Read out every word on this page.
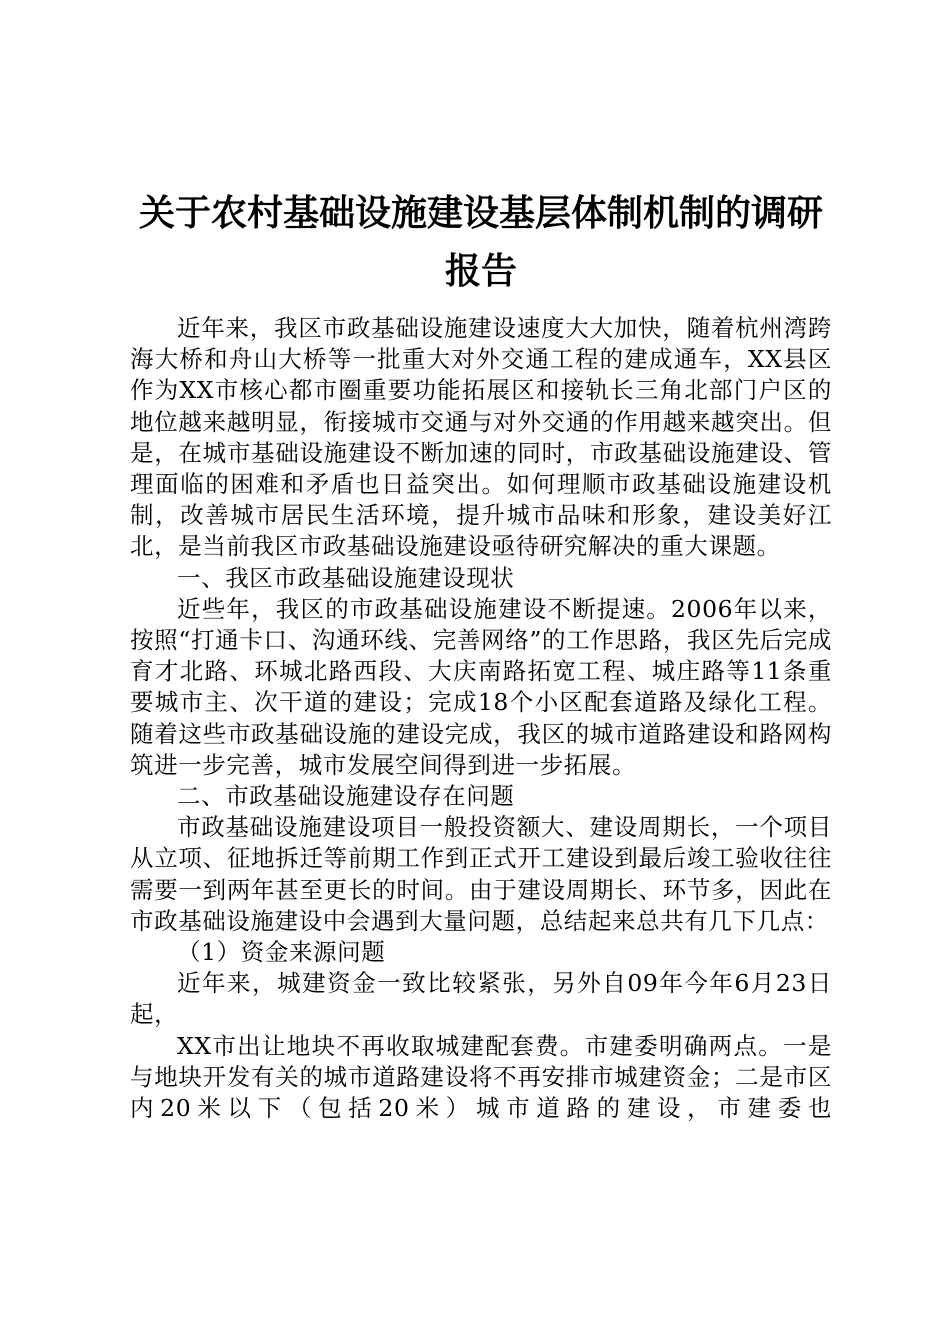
关于农村基础设施建设基层体制机制的调研报告

近年来，我区市政基础设施建设速度大大加快，随着杭州湾跨海大桥和舟山大桥等一批重大对外交通工程的建成通车，XX县区作为XX市核心都市圈重要功能拓展区和接轨长三角北部门户区的地位越来越明显，衔接城市交通与对外交通的作用越来越突出。但是，在城市基础设施建设不断加速的同时，市政基础设施建设、管理面临的困难和矛盾也日益突出。如何理顺市政基础设施建设机制，改善城市居民生活环境，提升城市品味和形象，建设美好江北，是当前我区市政基础设施建设亟待研究解决的重大课题。

一、我区市政基础设施建设现状

近些年，我区的市政基础设施建设不断提速。2006年以来，按照“打通卡口、沟通环线、完善网络”的工作思路，我区先后完成育才北路、环城北路西段、大庆南路拓宽工程、城庄路等11条重要城市主、次干道的建设；完成18个小区配套道路及绿化工程。随着这些市政基础设施的建设完成，我区的城市道路建设和路网构筑进一步完善，城市发展空间得到进一步拓展。

二、市政基础设施建设存在问题

市政基础设施建设项目一般投资额大、建设周期长，一个项目从立项、征地拆迁等前期工作到正式开工建设到最后竣工验收往往需要一到两年甚至更长的时间。由于建设周期长、环节多，因此在市政基础设施建设中会遇到大量问题，总结起来总共有几下几点：

（1）资金来源问题

近年来，城建资金一致比较紧张，另外自09年今年6月23日起，

XX市出让地块不再收取城建配套费。市建委明确两点。一是与地块开发有关的城市道路建设将不再安排市城建资金；二是市区内20米以下（包括20米）城市道路的建设，市建委也
